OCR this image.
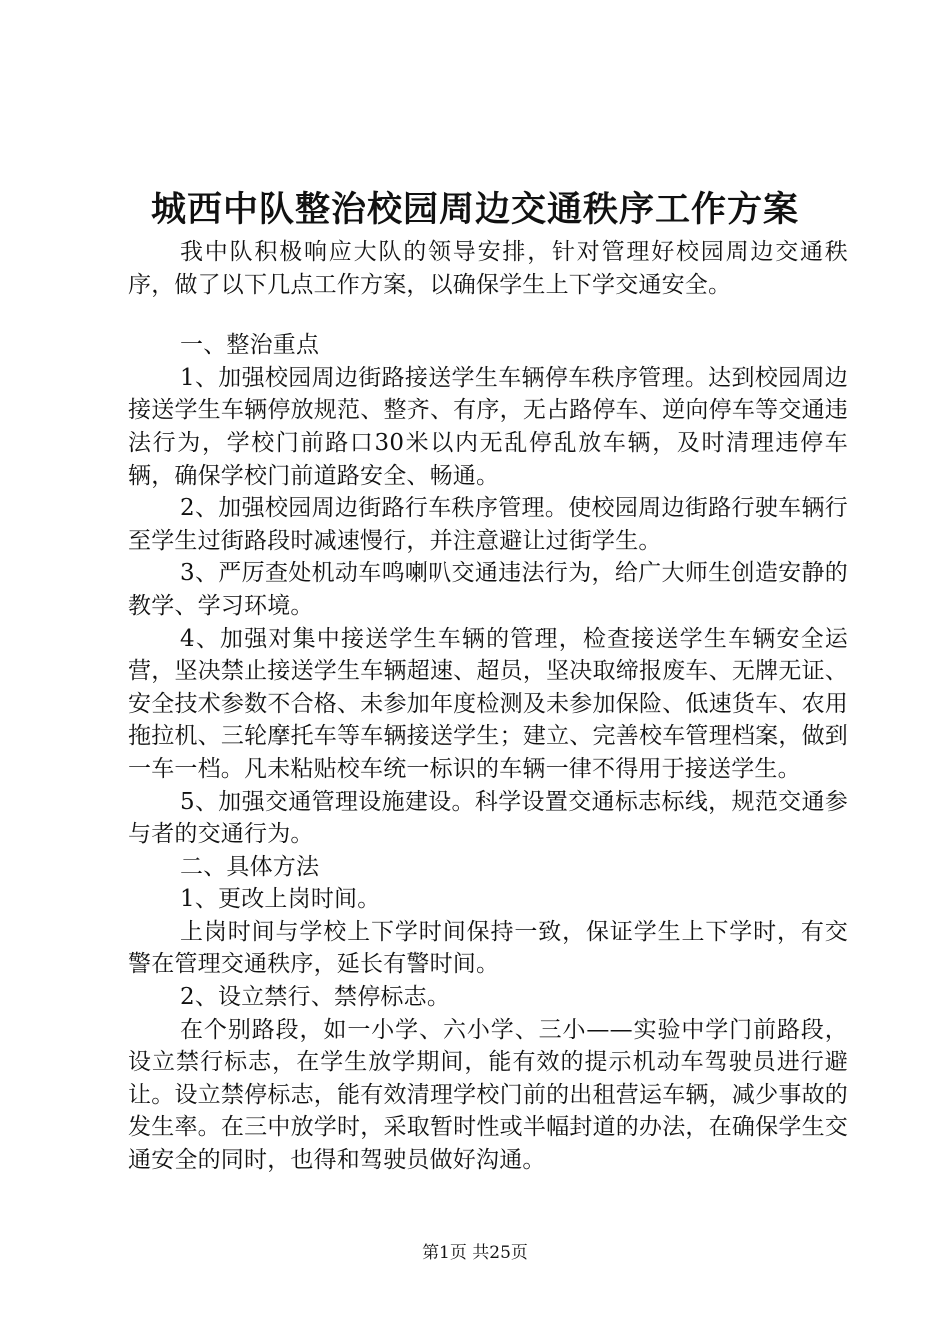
城西中队整治校园周边交通秩序工作方案

我中队积极响应大队的领导安排，针对管理好校园周边交通秩序，做了以下几点工作方案，以确保学生上下学交通安全。

一、整治重点

1、加强校园周边街路接送学生车辆停车秩序管理。达到校园周边接送学生车辆停放规范、整齐、有序，无占路停车、逆向停车等交通违法行为，学校门前路口30米以内无乱停乱放车辆，及时清理违停车辆，确保学校门前道路安全、畅通。

2、加强校园周边街路行车秩序管理。使校园周边街路行驶车辆行至学生过街路段时减速慢行，并注意避让过街学生。

3、严厉查处机动车鸣喇叭交通违法行为，给广大师生创造安静的教学、学习环境。

4、加强对集中接送学生车辆的管理，检查接送学生车辆安全运营，坚决禁止接送学生车辆超速、超员，坚决取缔报废车、无牌无证、安全技术参数不合格、未参加年度检测及未参加保险、低速货车、农用拖拉机、三轮摩托车等车辆接送学生；建立、完善校车管理档案，做到一车一档。凡未粘贴校车统一标识的车辆一律不得用于接送学生。

5、加强交通管理设施建设。科学设置交通标志标线，规范交通参与者的交通行为。

二、具体方法

1、更改上岗时间。

上岗时间与学校上下学时间保持一致，保证学生上下学时，有交警在管理交通秩序，延长有警时间。

2、设立禁行、禁停标志。

在个别路段，如一小学、六小学、三小——实验中学门前路段，设立禁行标志，在学生放学期间，能有效的提示机动车驾驶员进行避让。设立禁停标志，能有效清理学校门前的出租营运车辆，减少事故的发生率。在三中放学时，采取暂时性或半幅封道的办法，在确保学生交通安全的同时，也得和驾驶员做好沟通。

第1页 共25页
